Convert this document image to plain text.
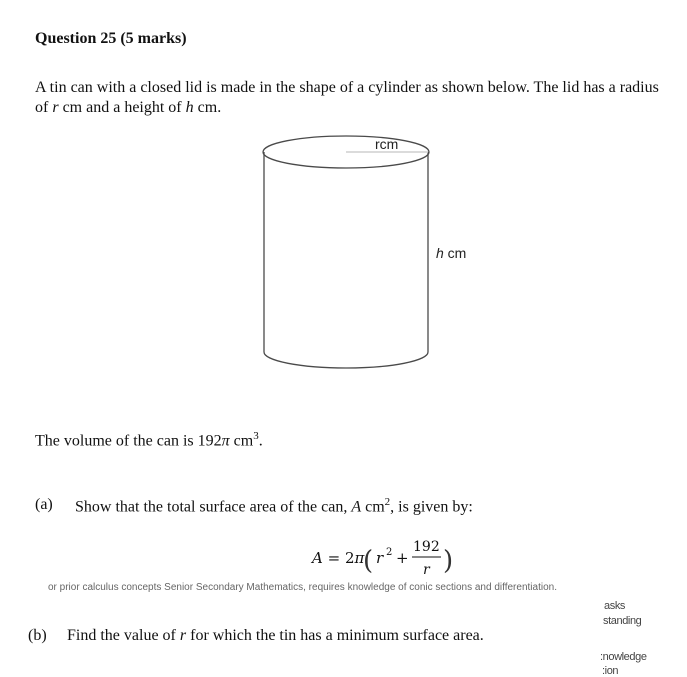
Question 25 (5 marks)
A tin can with a closed lid is made in the shape of a cylinder as shown below. The lid has a radius of r cm and a height of h cm.
rcm
h cm
The volume of the can is 192π $cm^3$.
(a) Show that the total surface area of the can, A $cm^2$, is given by:
A = 2π
( r 2 +
192
r )
or prior calculus concepts Senior Secondary Mathematics, requires knowledge of conic sections and differentiation.
asks
standing
:nowledge
:ion
(b) Find the value of r for which the tin has a minimum surface area.
